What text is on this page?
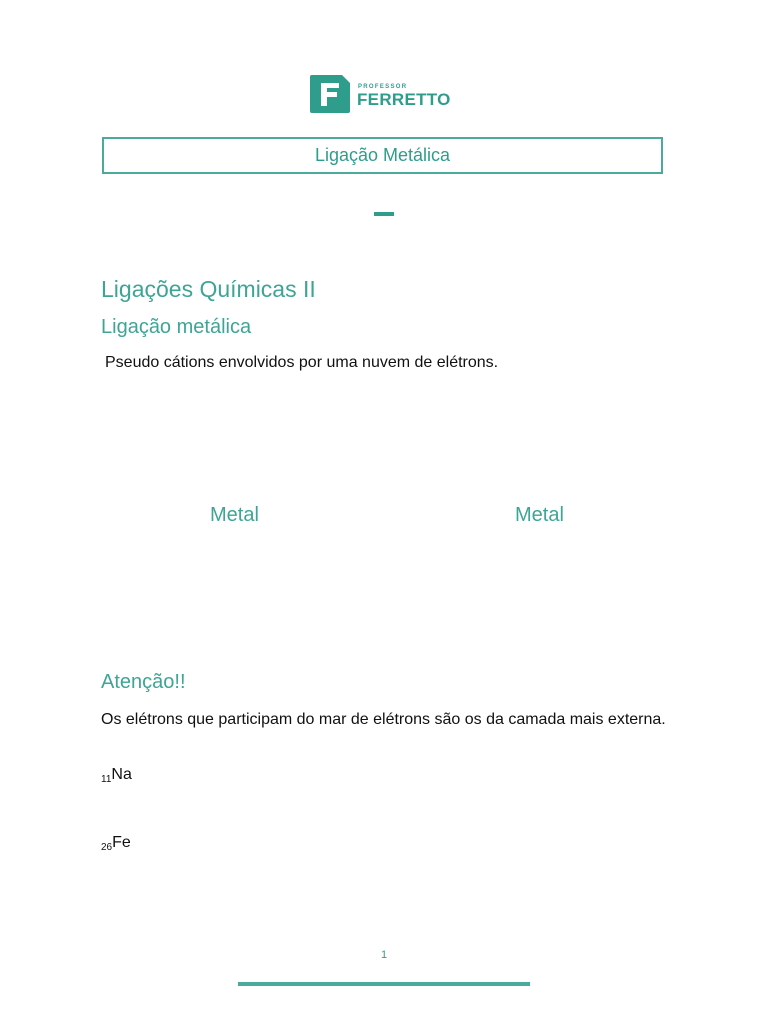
PROFESSOR
FERRETTO
Ligação Metálica
Ligações Químicas II
Ligação metálica
Pseudo cátions envolvidos por uma nuvem de elétrons.
Metal	Metal
Atenção!!
Os elétrons que participam do mar de elétrons são os da camada mais externa.
$_{11}$Na
$_{26}$Fe
1
